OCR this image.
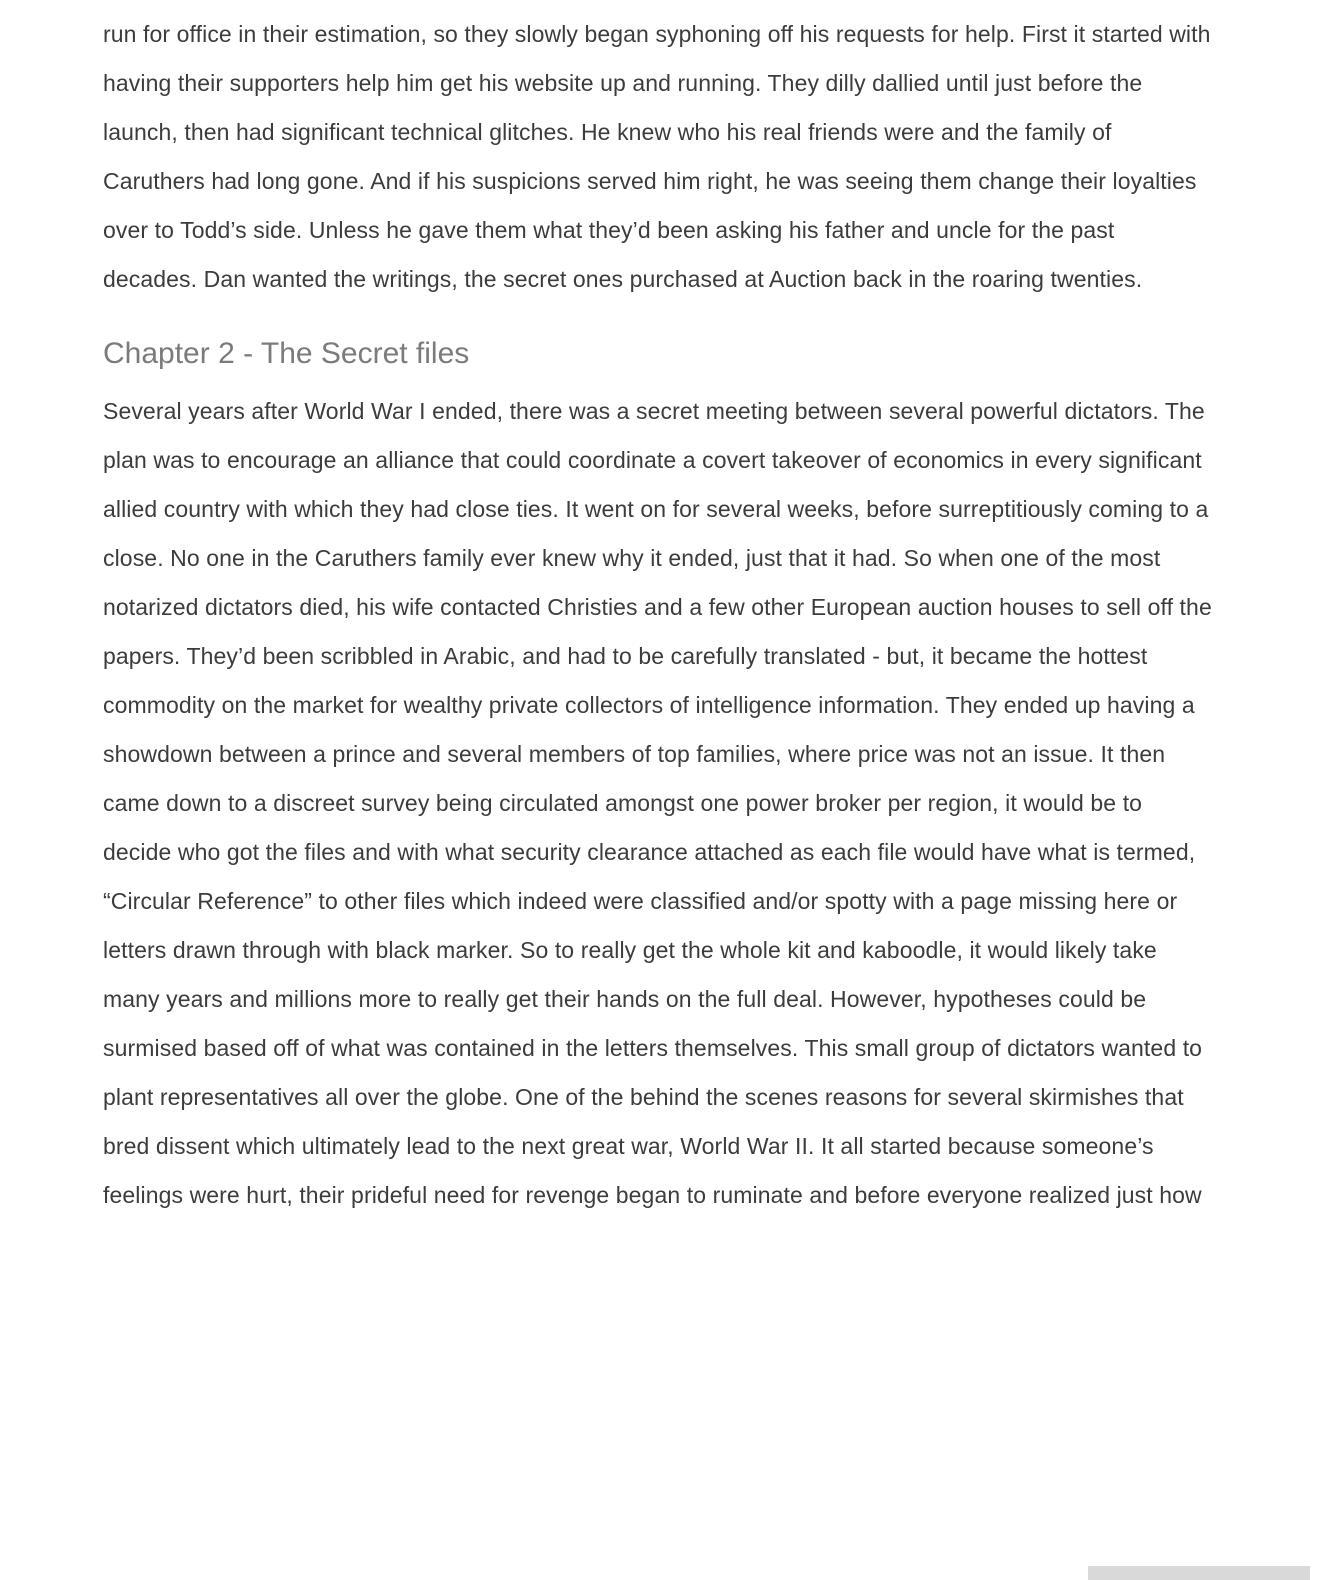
run for office in their estimation, so they slowly began syphoning off his requests for help. First it started with having their supporters help him get his website up and running. They dilly dallied until just before the launch, then had significant technical glitches. He knew who his real friends were and the family of Caruthers had long gone. And if his suspicions served him right, he was seeing them change their loyalties over to Todd’s side. Unless he gave them what they’d been asking his father and uncle for the past decades. Dan wanted the writings, the secret ones purchased at Auction back in the roaring twenties.

Chapter 2 - The Secret files

Several years after World War I ended, there was a secret meeting between several powerful dictators. The plan was to encourage an alliance that could coordinate a covert takeover of economics in every significant allied country with which they had close ties. It went on for several weeks, before surreptitiously coming to a close. No one in the Caruthers family ever knew why it ended, just that it had. So when one of the most notarized dictators died, his wife contacted Christies and a few other European auction houses to sell off the papers. They’d been scribbled in Arabic, and had to be carefully translated - but, it became the hottest commodity on the market for wealthy private collectors of intelligence information. They ended up having a showdown between a prince and several members of top families, where price was not an issue. It then came down to a discreet survey being circulated amongst one power broker per region, it would be to decide who got the files and with what security clearance attached as each file would have what is termed, “Circular Reference” to other files which indeed were classified and/or spotty with a page missing here or letters drawn through with black marker. So to really get the whole kit and kaboodle, it would likely take many years and millions more to really get their hands on the full deal. However, hypotheses could be surmised based off of what was contained in the letters themselves. This small group of dictators wanted to plant representatives all over the globe. One of the behind the scenes reasons for several skirmishes that bred dissent which ultimately lead to the next great war, World War II. It all started because someone’s feelings were hurt, their prideful need for revenge began to ruminate and before everyone realized just how
